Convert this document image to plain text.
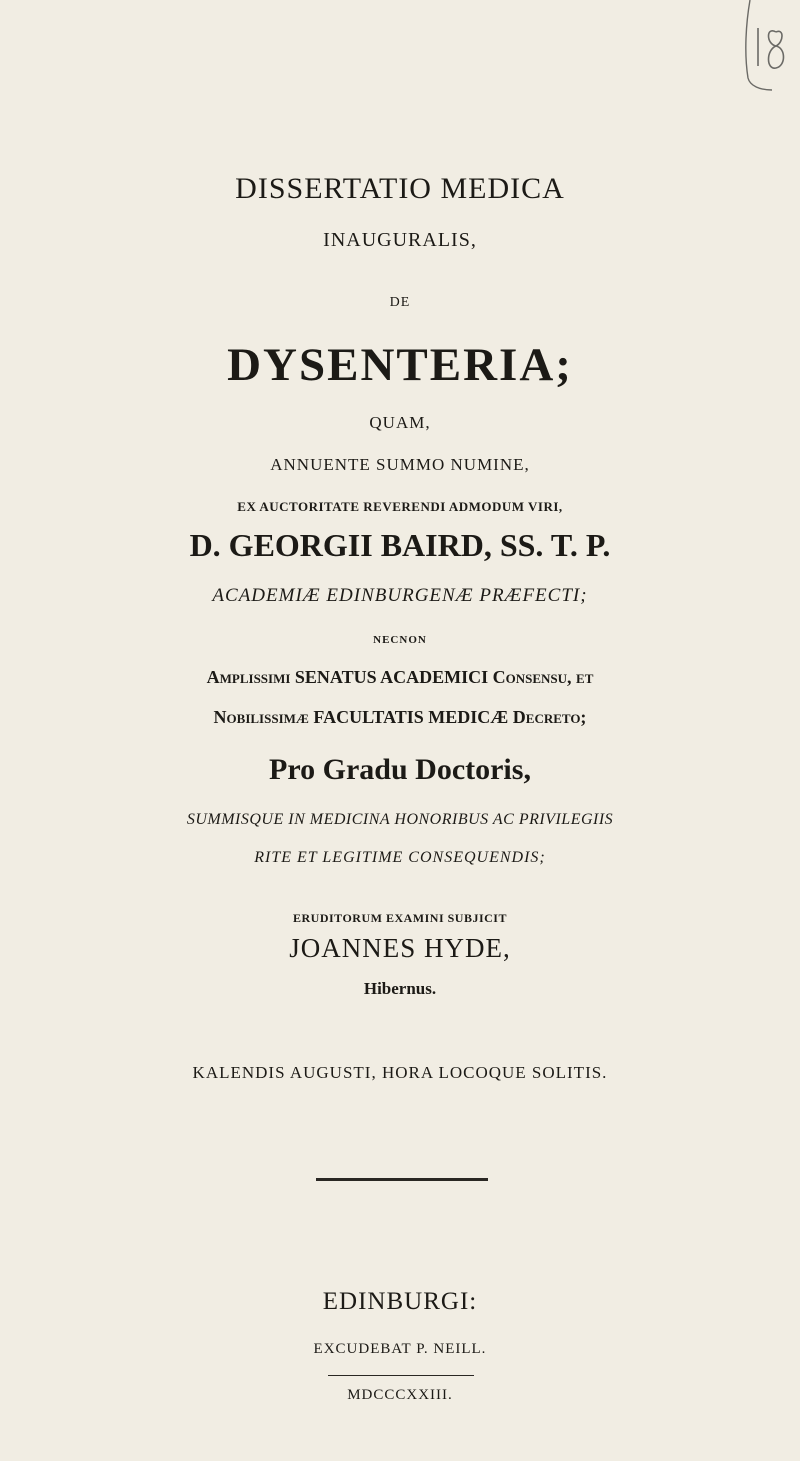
DISSERTATIO MEDICA
INAUGURALIS,
DE
DYSENTERIA;
QUAM,
ANNUENTE SUMMO NUMINE,
EX AUCTORITATE REVERENDI ADMODUM VIRI,
D. GEORGII BAIRD, SS. T. P.
ACADEMIÆ EDINBURGENÆ PRÆFECTI;
NECNON
Amplissimi SENATUS ACADEMICI Consensu, et
Nobilissimæ FACULTATIS MEDICÆ Decreto;
Pro Gradu Doctoris,
SUMMISQUE IN MEDICINA HONORIBUS AC PRIVILEGIIS
RITE ET LEGITIME CONSEQUENDIS;
ERUDITORUM EXAMINI SUBJICIT
JOANNES HYDE,
Hibernus.
KALENDIS AUGUSTI, HORA LOCOQUE SOLITIS.
EDINBURGI:
EXCUDEBAT P. NEILL.
MDCCCXXIII.
